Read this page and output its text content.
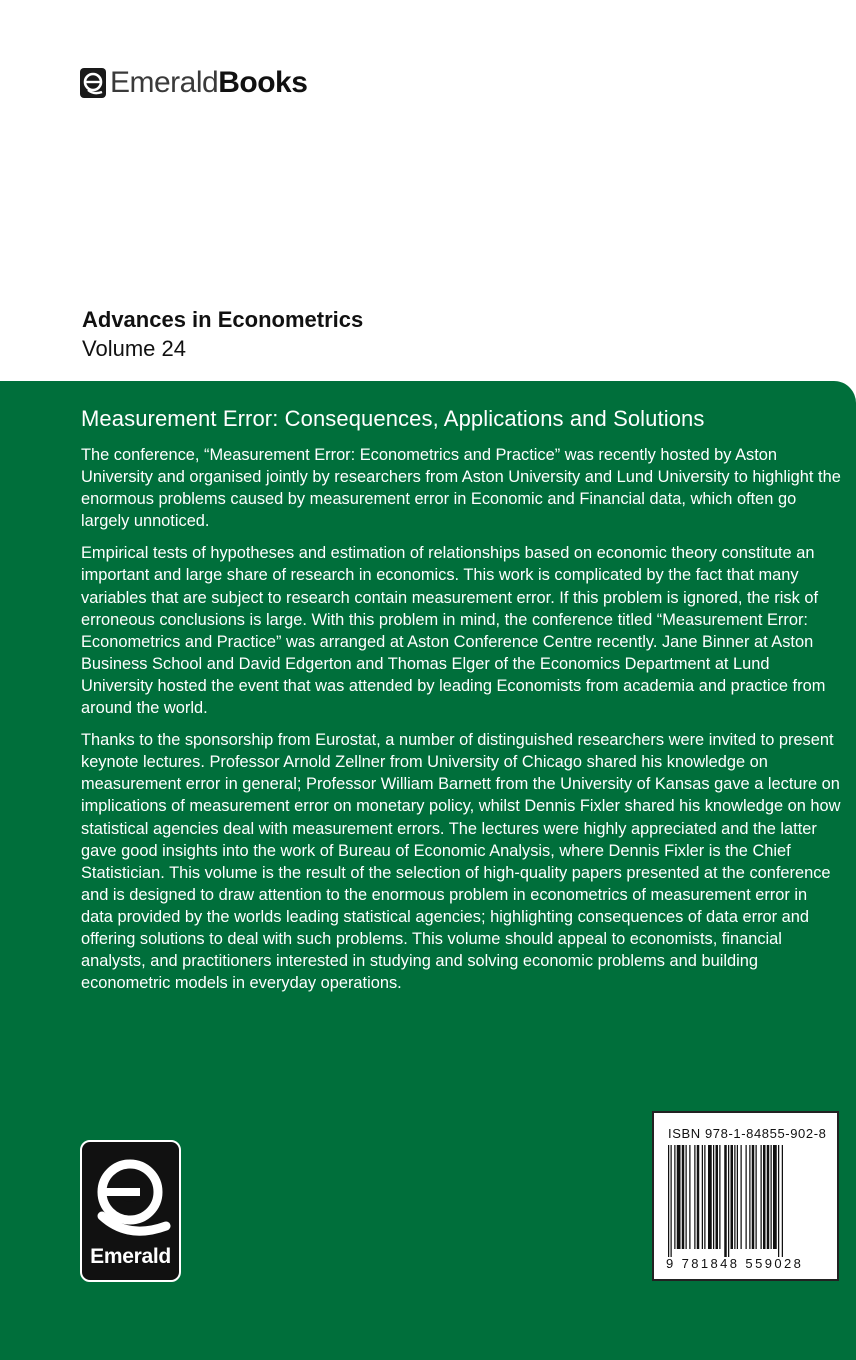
Emerald Books
Advances in Econometrics
Volume 24
Measurement Error: Consequences, Applications and Solutions

The conference, “Measurement Error: Econometrics and Practice” was recently hosted by Aston University and organised jointly by researchers from Aston University and Lund University to highlight the enormous problems caused by measurement error in Economic and Financial data, which often go largely unnoticed.

Empirical tests of hypotheses and estimation of relationships based on economic theory constitute an important and large share of research in economics. This work is complicated by the fact that many variables that are subject to research contain measurement error. If this problem is ignored, the risk of erroneous conclusions is large. With this problem in mind, the conference titled “Measurement Error: Econometrics and Practice” was arranged at Aston Conference Centre recently. Jane Binner at Aston Business School and David Edgerton and Thomas Elger of the Economics Department at Lund University hosted the event that was attended by leading Economists from academia and practice from around the world.

Thanks to the sponsorship from Eurostat, a number of distinguished researchers were invited to present keynote lectures. Professor Arnold Zellner from University of Chicago shared his knowledge on measurement error in general; Professor William Barnett from the University of Kansas gave a lecture on implications of measurement error on monetary policy, whilst Dennis Fixler shared his knowledge on how statistical agencies deal with measurement errors. The lectures were highly appreciated and the latter gave good insights into the work of Bureau of Economic Analysis, where Dennis Fixler is the Chief Statistician. This volume is the result of the selection of high-quality papers presented at the conference and is designed to draw attention to the enormous problem in econometrics of measurement error in data provided by the worlds leading statistical agencies; highlighting consequences of data error and offering solutions to deal with such problems. This volume should appeal to economists, financial analysts, and practitioners interested in studying and solving economic problems and building econometric models in everyday operations.

Emerald
ISBN 978-1-84855-902-8
9 781848 559028
